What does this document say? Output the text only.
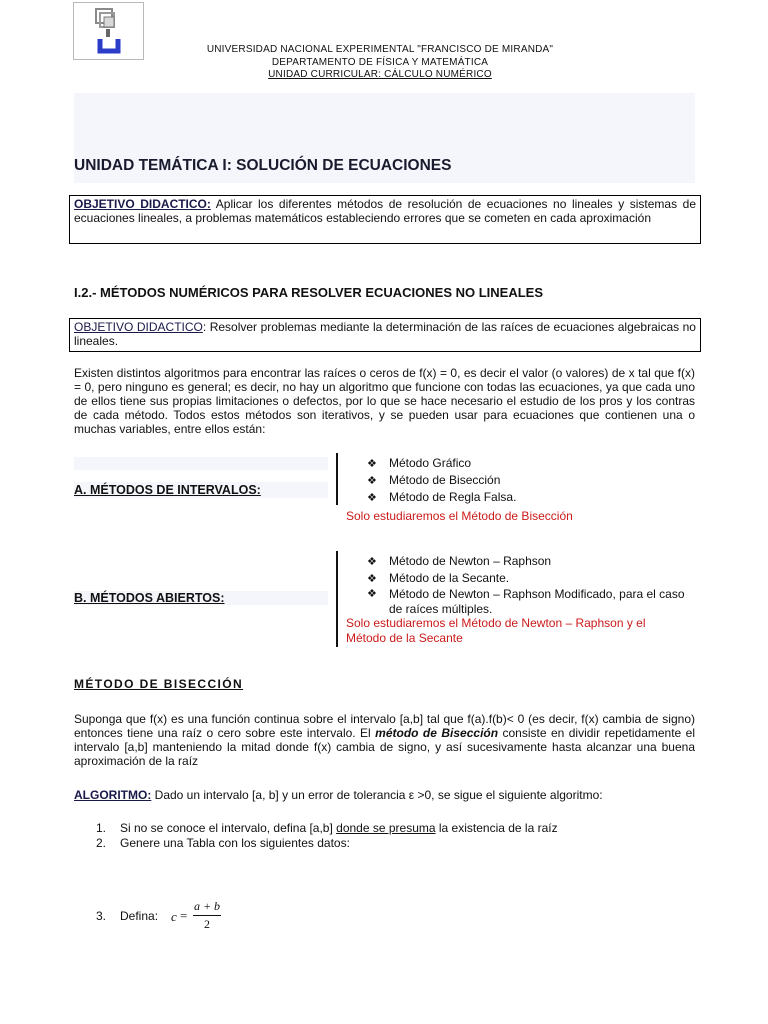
UNIVERSIDAD NACIONAL EXPERIMENTAL "FRANCISCO DE MIRANDA"
DEPARTAMENTO DE FÍSICA Y MATEMÁTICA
UNIDAD CURRICULAR: CÁLCULO NUMÉRICO
UNIDAD TEMÁTICA I: SOLUCIÓN DE ECUACIONES
OBJETIVO DIDACTICO: Aplicar los diferentes métodos de resolución de ecuaciones no lineales y sistemas de ecuaciones lineales, a problemas matemáticos estableciendo errores que se cometen en cada aproximación
I.2.- MÉTODOS NUMÉRICOS PARA RESOLVER ECUACIONES NO LINEALES
OBJETIVO DIDACTICO: Resolver problemas mediante la determinación de las raíces de ecuaciones algebraicas no lineales.
Existen distintos algoritmos para encontrar las raíces o ceros de f(x) = 0, es decir el valor (o valores) de x tal que f(x) = 0, pero ninguno es general; es decir, no hay un algoritmo que funcione con todas las ecuaciones, ya que cada uno de ellos tiene sus propias limitaciones o defectos, por lo que se hace necesario el estudio de los pros y los contras de cada método. Todos estos métodos son iterativos, y se pueden usar para ecuaciones que contienen una o muchas variables, entre ellos están:
A. MÉTODOS DE INTERVALOS:
❖ Método Gráfico
❖ Método de Bisección
❖ Método de Regla Falsa.
Solo estudiaremos el Método de Bisección
B. MÉTODOS ABIERTOS:
❖ Método de Newton – Raphson
❖ Método de la Secante.
❖	Método de Newton – Raphson Modificado, para el caso de raíces múltiples.
Solo estudiaremos el Método de Newton – Raphson y el Método de la Secante
MÉTODO DE BISECCIÓN
Suponga que f(x) es una función continua sobre el intervalo [a,b] tal que f(a).f(b)< 0 (es decir, f(x) cambia de signo) entonces tiene una raíz o cero sobre este intervalo. El método de Bisección consiste en dividir repetidamente el intervalo [a,b] manteniendo la mitad donde f(x) cambia de signo, y así sucesivamente hasta alcanzar una buena aproximación de la raíz
ALGORITMO: Dado un intervalo [a, b] y un error de tolerancia ε >0, se sigue el siguiente algoritmo:
1. Si no se conoce el intervalo, defina [a,b] donde se presuma la existencia de la raíz
2. Genere una Tabla con los siguientes datos:
3. Defina: c =
a + b
2
